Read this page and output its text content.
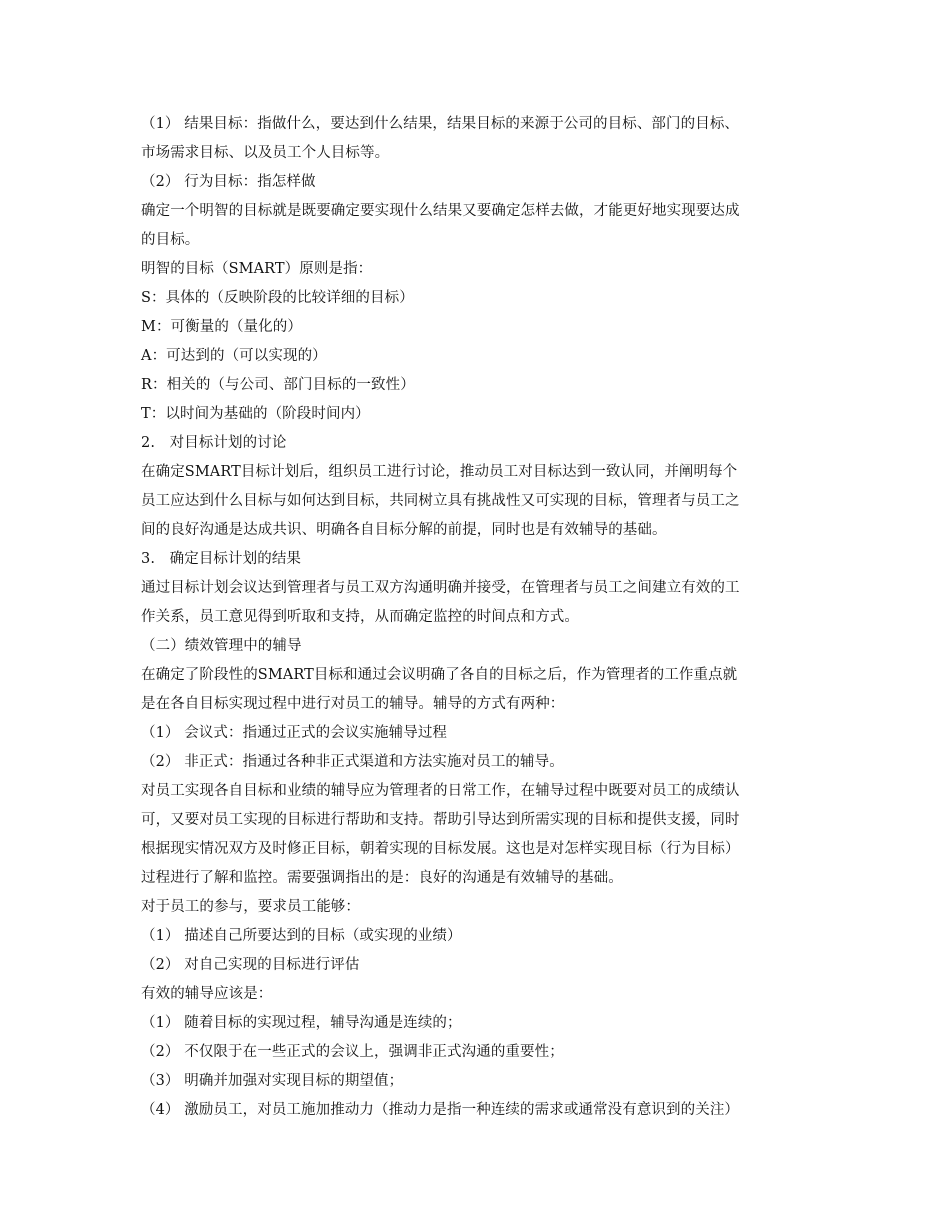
（1） 结果目标：指做什么，要达到什么结果，结果目标的来源于公司的目标、部门的目标、
市场需求目标、以及员工个人目标等。
（2） 行为目标：指怎样做
确定一个明智的目标就是既要确定要实现什么结果又要确定怎样去做，才能更好地实现要达成
的目标。
明智的目标（SMART）原则是指：
S：具体的（反映阶段的比较详细的目标）
M：可衡量的（量化的）
A：可达到的（可以实现的）
R：相关的（与公司、部门目标的一致性）
T：以时间为基础的（阶段时间内）
2.　对目标计划的讨论
在确定SMART目标计划后，组织员工进行讨论，推动员工对目标达到一致认同，并阐明每个
员工应达到什么目标与如何达到目标，共同树立具有挑战性又可实现的目标，管理者与员工之
间的良好沟通是达成共识、明确各自目标分解的前提，同时也是有效辅导的基础。
3.　确定目标计划的结果
通过目标计划会议达到管理者与员工双方沟通明确并接受，在管理者与员工之间建立有效的工
作关系，员工意见得到听取和支持，从而确定监控的时间点和方式。
（二）绩效管理中的辅导
在确定了阶段性的SMART目标和通过会议明确了各自的目标之后，作为管理者的工作重点就
是在各自目标实现过程中进行对员工的辅导。辅导的方式有两种：
（1） 会议式：指通过正式的会议实施辅导过程
（2） 非正式：指通过各种非正式渠道和方法实施对员工的辅导。
对员工实现各自目标和业绩的辅导应为管理者的日常工作，在辅导过程中既要对员工的成绩认
可，又要对员工实现的目标进行帮助和支持。帮助引导达到所需实现的目标和提供支援，同时
根据现实情况双方及时修正目标，朝着实现的目标发展。这也是对怎样实现目标（行为目标）
过程进行了解和监控。需要强调指出的是：良好的沟通是有效辅导的基础。
对于员工的参与，要求员工能够：
（1） 描述自己所要达到的目标（或实现的业绩）
（2） 对自己实现的目标进行评估
有效的辅导应该是：
（1） 随着目标的实现过程，辅导沟通是连续的；
（2） 不仅限于在一些正式的会议上，强调非正式沟通的重要性；
（3） 明确并加强对实现目标的期望值；
（4） 激励员工，对员工施加推动力（推动力是指一种连续的需求或通常没有意识到的关注）
